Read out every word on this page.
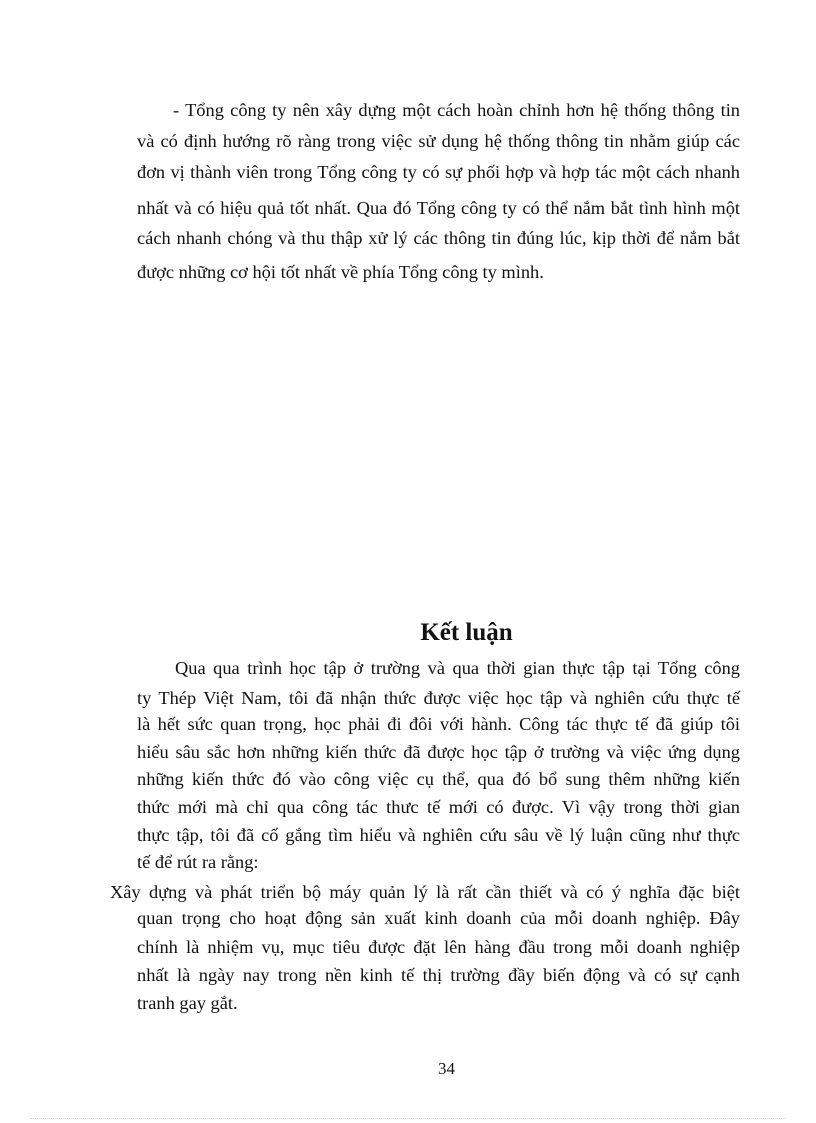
- Tổng công ty nên xây dựng một cách hoàn chỉnh hơn hệ thống thông tin
và có định hướng rõ ràng trong việc sử dụng hệ thống thông tin nhằm giúp các
đơn vị thành viên trong Tổng công ty có sự phối hợp và hợp tác một cách nhanh
nhất và có hiệu quả tốt nhất. Qua đó Tổng công ty có thể nắm bắt tình hình một
cách nhanh chóng và thu thập xử lý các thông tin đúng lúc, kịp thời để nắm bắt
được những cơ hội tốt nhất về phía Tổng công ty mình.
Kết luận
Qua qua trình học tập ở trường và qua thời gian thực tập tại Tổng công
ty Thép Việt Nam, tôi đã nhận thức được việc học tập và nghiên cứu thực tế
là hết sức quan trọng, học phải đi đôi với hành. Công tác thực tế đã giúp tôi
hiểu sâu sắc hơn những kiến thức đã được học tập ở trường và việc ứng dụng
những kiến thức đó vào công việc cụ thể, qua đó bổ sung thêm những kiến
thức mới mà chỉ qua công tác thưc tế mới có được. Vì vậy trong thời gian
thực tập, tôi đã cố gắng tìm hiểu và nghiên cứu sâu về lý luận cũng như thực
tế để rút ra rằng:
Xây dựng và phát triển bộ máy quản lý là rất cần thiết và có ý nghĩa đặc biệt
quan trọng cho hoạt động sản xuất kinh doanh của mỗi doanh nghiệp. Đây
chính là nhiệm vụ, mục tiêu được đặt lên hàng đầu trong mỗi doanh nghiệp
nhất là ngày nay trong nền kinh tế thị trường đầy biến động và có sự cạnh
tranh gay gắt.
34
